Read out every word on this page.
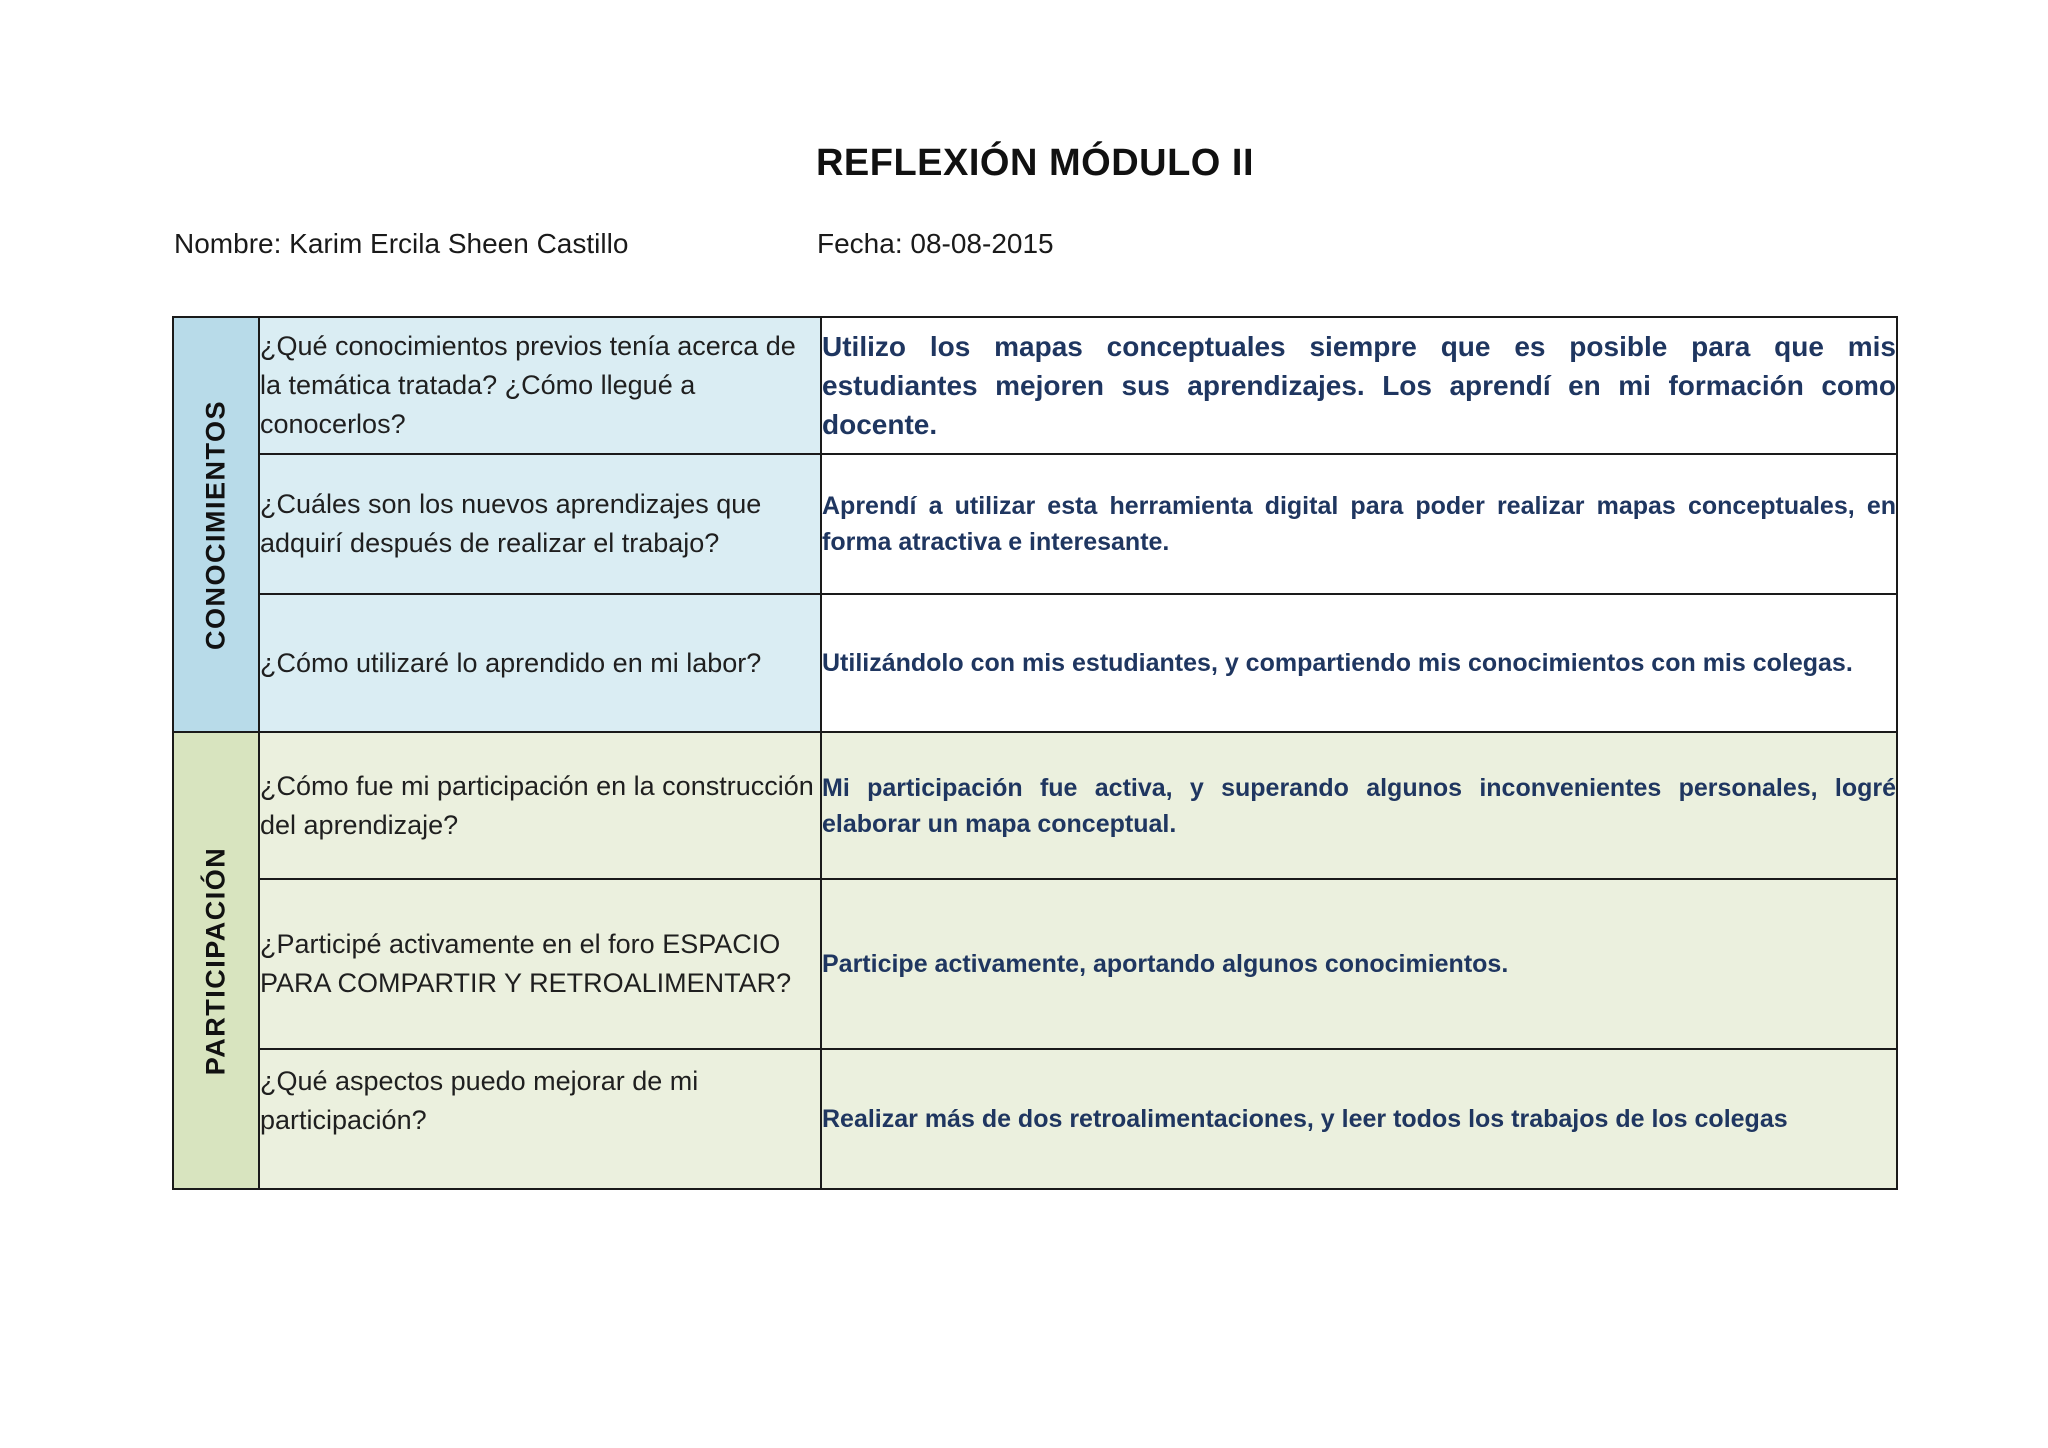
REFLEXIÓN MÓDULO II
Nombre: Karim Ercila Sheen Castillo	Fecha: 08-08-2015
CONOCIMIENTOS	¿Qué conocimientos previos tenía acerca de la temática tratada? ¿Cómo llegué a conocerlos?	Utilizo los mapas conceptuales siempre que es posible para que mis estudiantes mejoren sus aprendizajes. Los aprendí en mi formación como docente.

	¿Cuáles son los nuevos aprendizajes que adquirí después de realizar el trabajo?	Aprendí a utilizar esta herramienta digital para poder realizar mapas conceptuales, en forma atractiva e interesante.

	¿Cómo utilizaré lo aprendido en mi labor?	Utilizándolo con mis estudiantes, y compartiendo mis conocimientos con mis colegas.

PARTICIPACIÓN	¿Cómo fue mi participación en la construcción del aprendizaje?	Mi participación fue activa, y superando algunos inconvenientes personales, logré elaborar un mapa conceptual.

	¿Participé activamente en el foro ESPACIO PARA COMPARTIR Y RETROALIMENTAR?	Participe activamente, aportando algunos conocimientos.

	¿Qué aspectos puedo mejorar de mi participación?	Realizar más de dos retroalimentaciones, y leer todos los trabajos de los colegas
